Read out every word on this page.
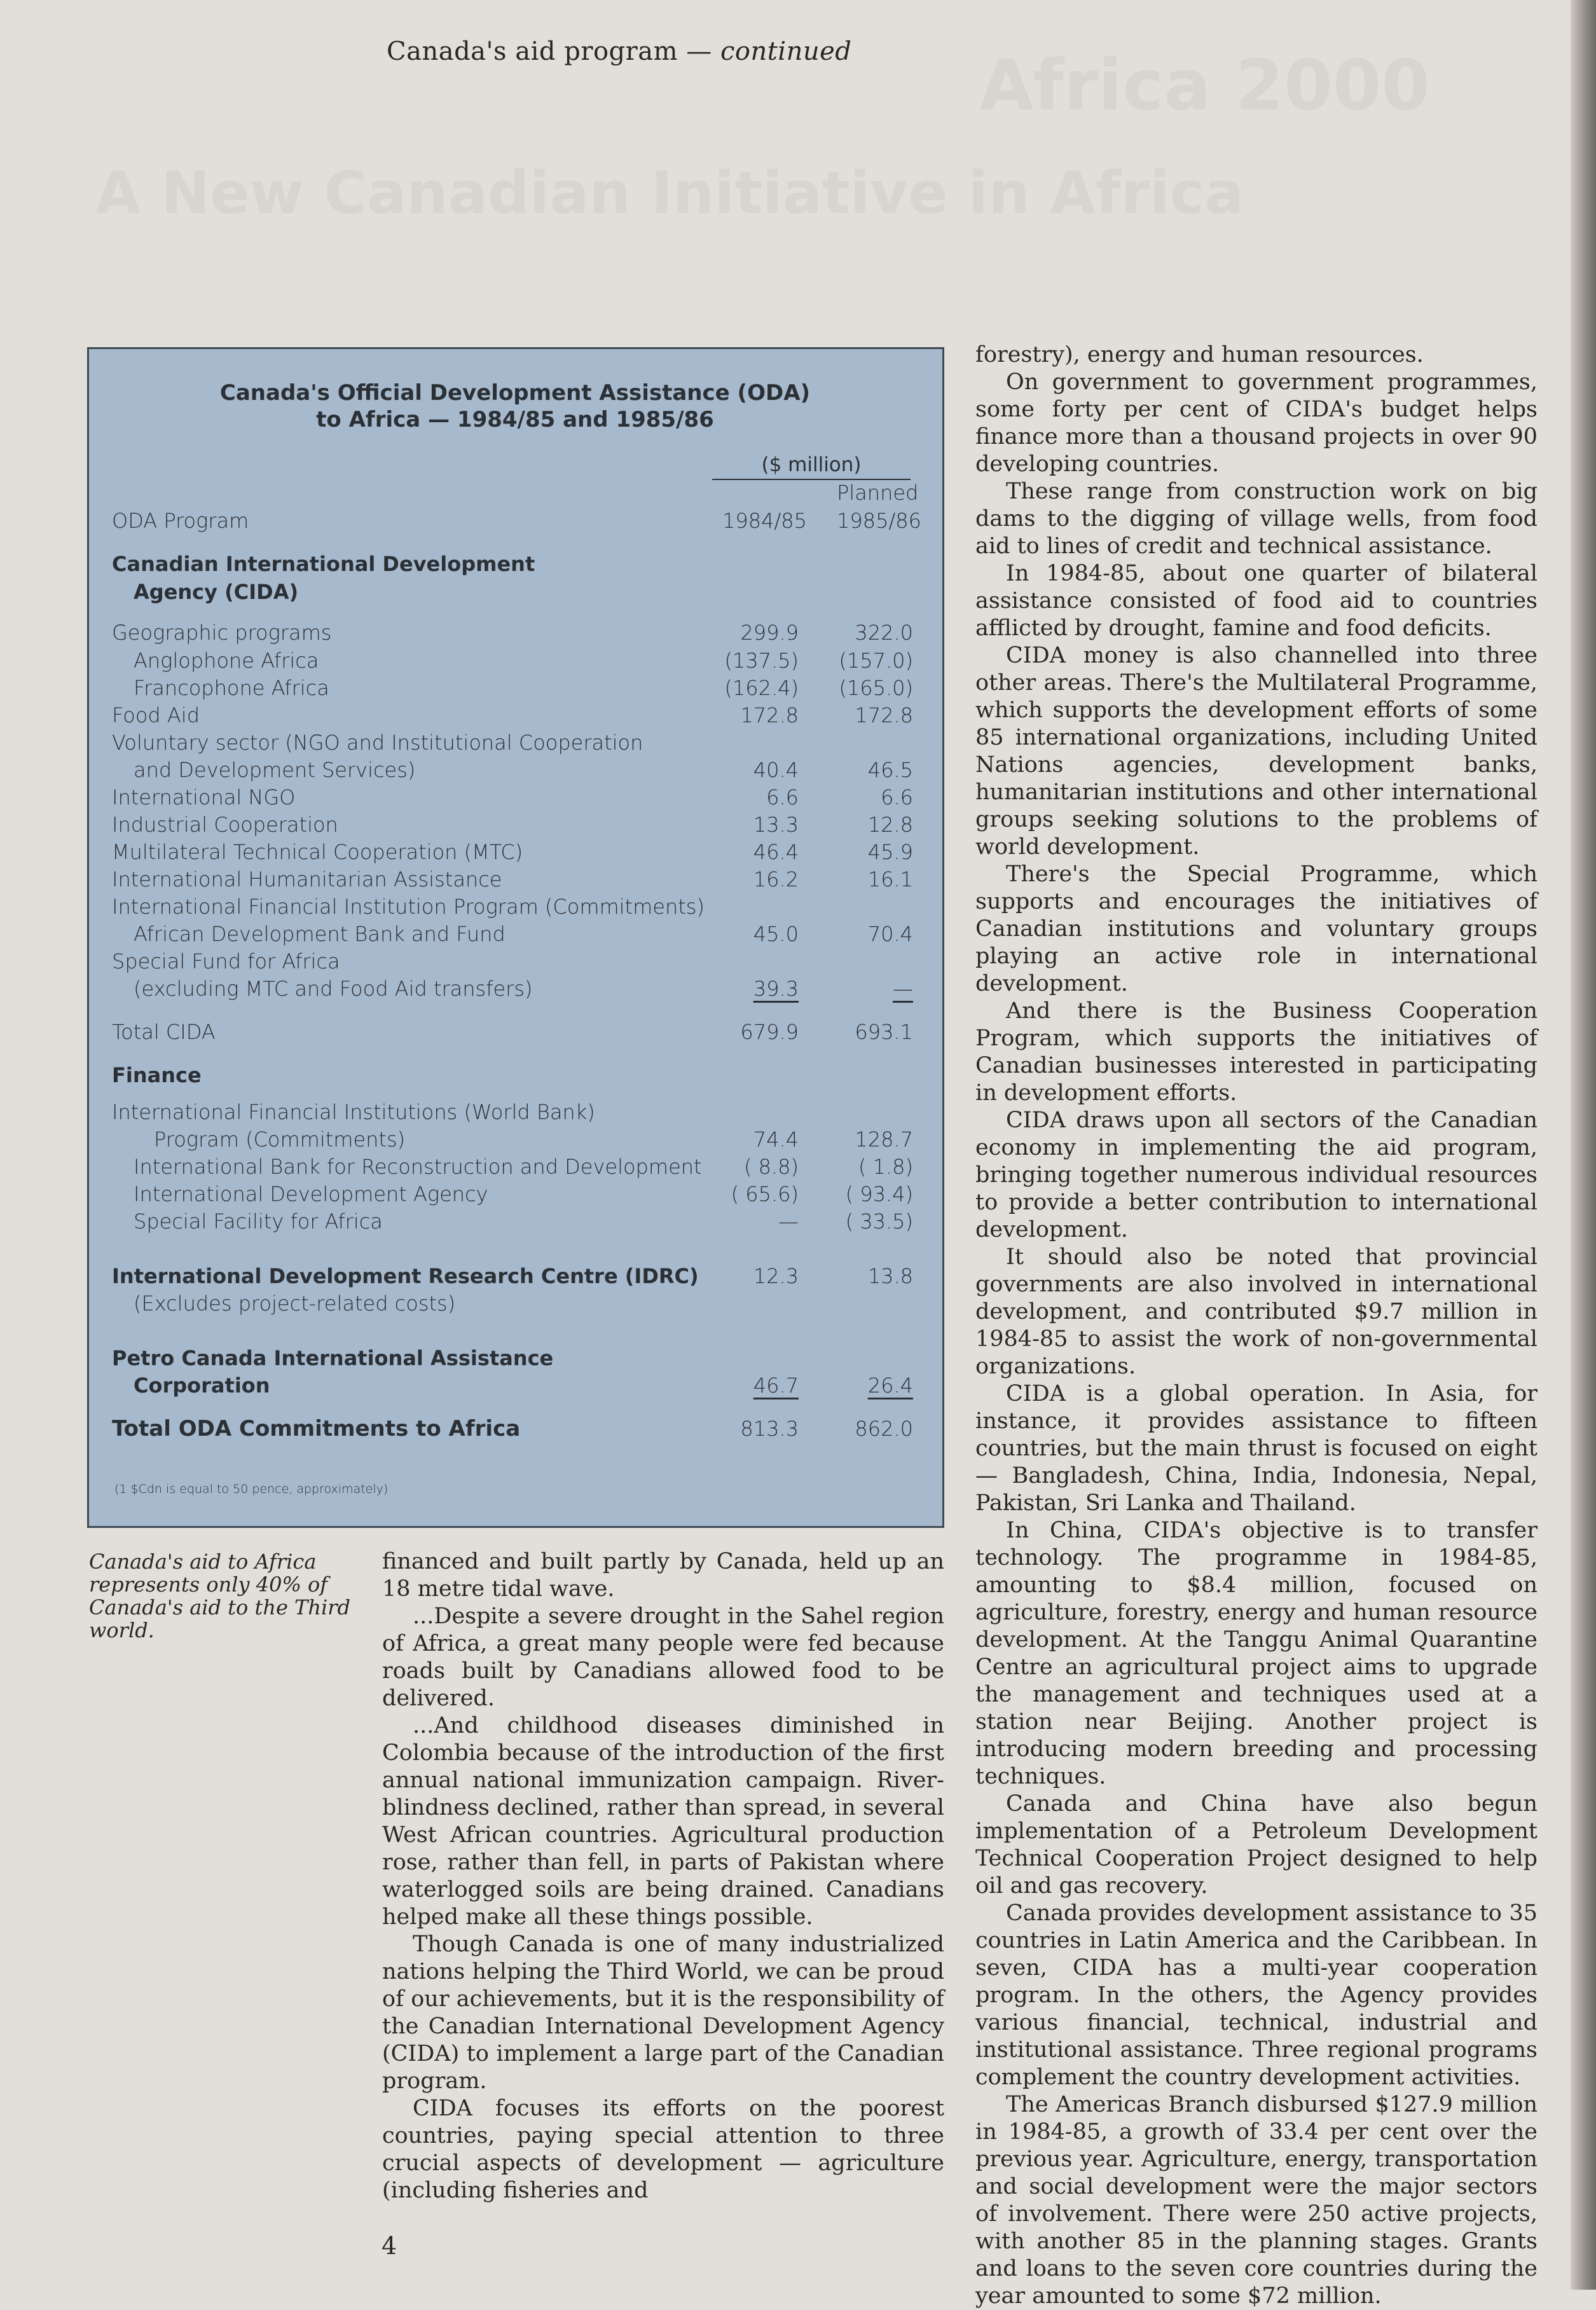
Africa 2000
A New Canadian Initiative in Africa
Canada's aid program — continued
Canada's Official Development Assistance (ODA)
to Africa — 1984/85 and 1985/86
($ million)
Planned
ODA Program	1984/85 1985/86
Canadian International Development
Agency (CIDA)
Geographic programs	299.9	322.0
Anglophone Africa	(137.5) (157.0)
Francophone Africa	(162.4) (165.0)
Food Aid	172.8	172.8
Voluntary sector (NGO and Institutional Cooperation
and Development Services)	40.4	46.5
International NGO	6.6	6.6
Industrial Cooperation	13.3	12.8
Multilateral Technical Cooperation (MTC)	46.4	45.9
International Humanitarian Assistance	16.2	16.1
International Financial Institution Program (Commitments)
African Development Bank and Fund	45.0	70.4
Special Fund for Africa
(excluding MTC and Food Aid transfers)	39.3	—
Total CIDA	679.9	693.1
Finance
International Financial Institutions (World Bank)
Program (Commitments)	74.4	128.7
International Bank for Reconstruction and Development	( 8.8)	( 1.8)
International Development Agency	( 65.6)	( 93.4)
Special Facility for Africa	—	( 33.5)
International Development Research Centre (IDRC)	12.3	13.8
(Excludes project-related costs)
Petro Canada International Assistance
Corporation	46.7	26.4
Total ODA Commitments to Africa	813.3	862.0
(1 $Cdn is equal to 50 pence, approximately)
Canada's aid to Africa represents only 40% of Canada's aid to the Third world.

financed and built partly by Canada, held up an 18 metre tidal wave.

...Despite a severe drought in the Sahel region of Africa, a great many people were fed because roads built by Canadians allowed food to be delivered.

...And childhood diseases diminished in Colombia because of the introduction of the first annual national immunization campaign. River-blindness declined, rather than spread, in several West African countries. Agricultural production rose, rather than fell, in parts of Pakistan where waterlogged soils are being drained. Canadians helped make all these things possible.

Though Canada is one of many industrialized nations helping the Third World, we can be proud of our achievements, but it is the responsibility of the Canadian International Development Agency (CIDA) to implement a large part of the Canadian program.

CIDA focuses its efforts on the poorest countries, paying special attention to three crucial aspects of development — agriculture (including fisheries and

forestry), energy and human resources.

On government to government programmes, some forty per cent of CIDA's budget helps finance more than a thousand projects in over 90 developing countries.

These range from construction work on big dams to the digging of village wells, from food aid to lines of credit and technical assistance.

In 1984-85, about one quarter of bilateral assistance consisted of food aid to countries afflicted by drought, famine and food deficits.

CIDA money is also channelled into three other areas. There's the Multilateral Programme, which supports the development efforts of some 85 international organizations, including United Nations agencies, development banks, humanitarian institutions and other international groups seeking solutions to the problems of world development.

There's the Special Programme, which supports and encourages the initiatives of Canadian institutions and voluntary groups playing an active role in international development.

And there is the Business Cooperation Program, which supports the initiatives of Canadian businesses interested in participating in development efforts.

CIDA draws upon all sectors of the Canadian economy in implementing the aid program, bringing together numerous individual resources to provide a better contribution to international development.

It should also be noted that provincial governments are also involved in international development, and contributed $9.7 million in 1984-85 to assist the work of non-governmental organizations.

CIDA is a global operation. In Asia, for instance, it provides assistance to fifteen countries, but the main thrust is focused on eight — Bangladesh, China, India, Indonesia, Nepal, Pakistan, Sri Lanka and Thailand.

In China, CIDA's objective is to transfer technology. The programme in 1984-85, amounting to $8.4 million, focused on agriculture, forestry, energy and human resource development. At the Tanggu Animal Quarantine Centre an agricultural project aims to upgrade the management and techniques used at a station near Beijing. Another project is introducing modern breeding and processing techniques.

Canada and China have also begun implementation of a Petroleum Development Technical Cooperation Project designed to help oil and gas recovery.

Canada provides development assistance to 35 countries in Latin America and the Caribbean. In seven, CIDA has a multi-year cooperation program. In the others, the Agency provides various financial, technical, industrial and institutional assistance. Three regional programs complement the country development activities.

The Americas Branch disbursed $127.9 million in 1984-85, a growth of 33.4 per cent over the previous year. Agriculture, energy, transportation and social development were the major sectors of involvement. There were 250 active projects, with another 85 in the planning stages. Grants and loans to the seven core countries during the year amounted to some $72 million.

4
